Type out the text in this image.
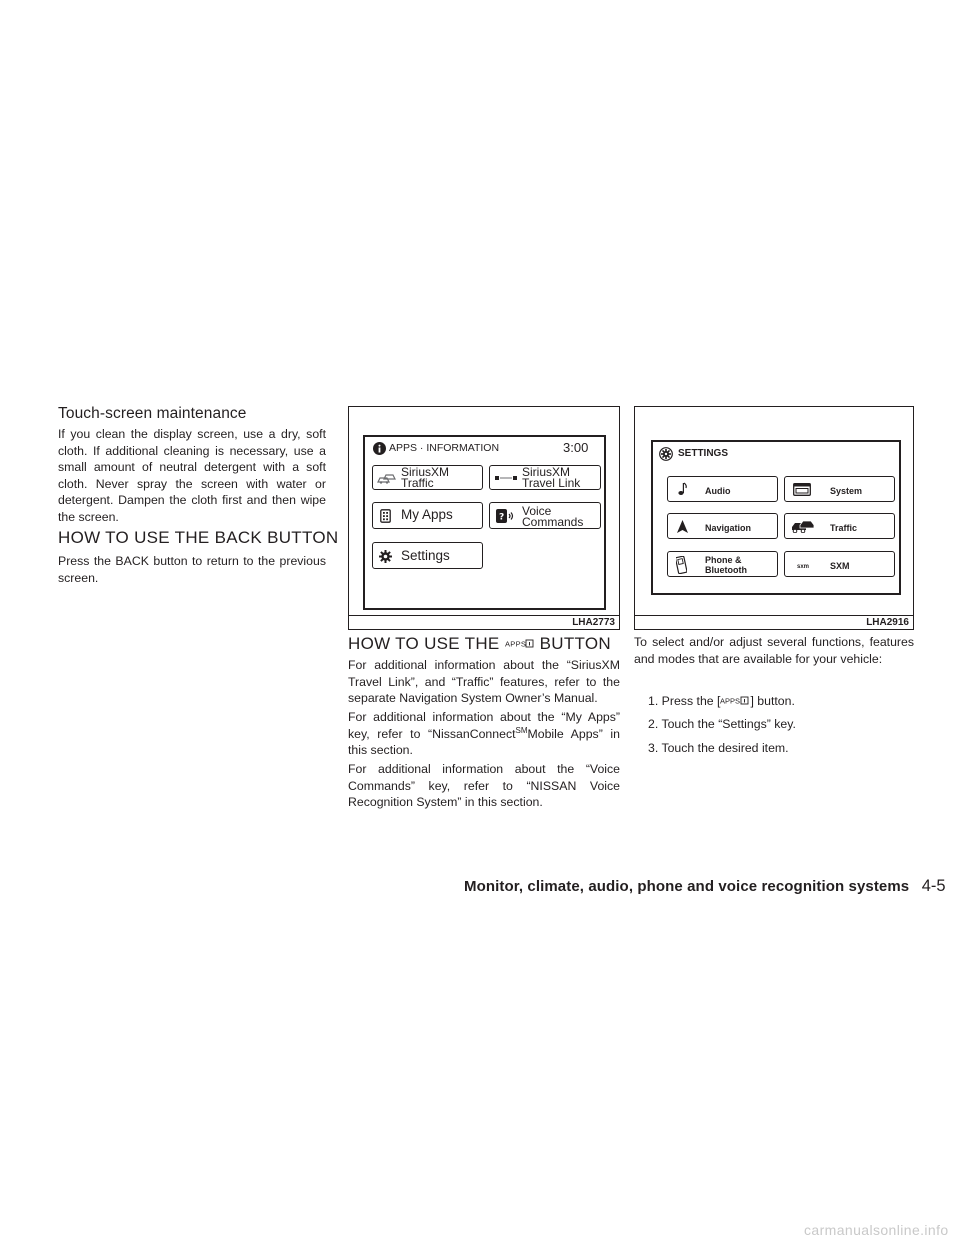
Touch-screen maintenance

If you clean the display screen, use a dry, soft cloth. If additional cleaning is necessary, use a small amount of neutral detergent with a soft cloth. Never spray the screen with water or detergent. Dampen the cloth first and then wipe the screen.

HOW TO USE THE BACK BUTTON

Press the BACK button to return to the previous screen.

APPS · INFORMATION	3:00
SiriusXM
Traffic
SiriusXM
Travel Link
My Apps	? Voice
Commands
Settings
LHA2773
SETTINGS
Audio	System
Navigation	Traffic
Phone &
Bluetooth	sxm SXM
LHA2916
HOW TO USE THE APPS BUTTON

For additional information about the “SiriusXM Travel Link”, and “Traffic” features, refer to the separate Navigation System Owner’s Manual.

For additional information about the “My Apps” key, refer to “NissanConnect℠Mobile Apps” in this section.

For additional information about the “Voice Commands” key, refer to “NISSAN Voice Recognition System” in this section.

To select and/or adjust several functions, features and modes that are available for your vehicle:

1. Press the [ APPS ] button.
2. Touch the “Settings” key.
3. Touch the desired item.
Monitor, climate, audio, phone and voice recognition systems 4-5
carmanualsonline.info
